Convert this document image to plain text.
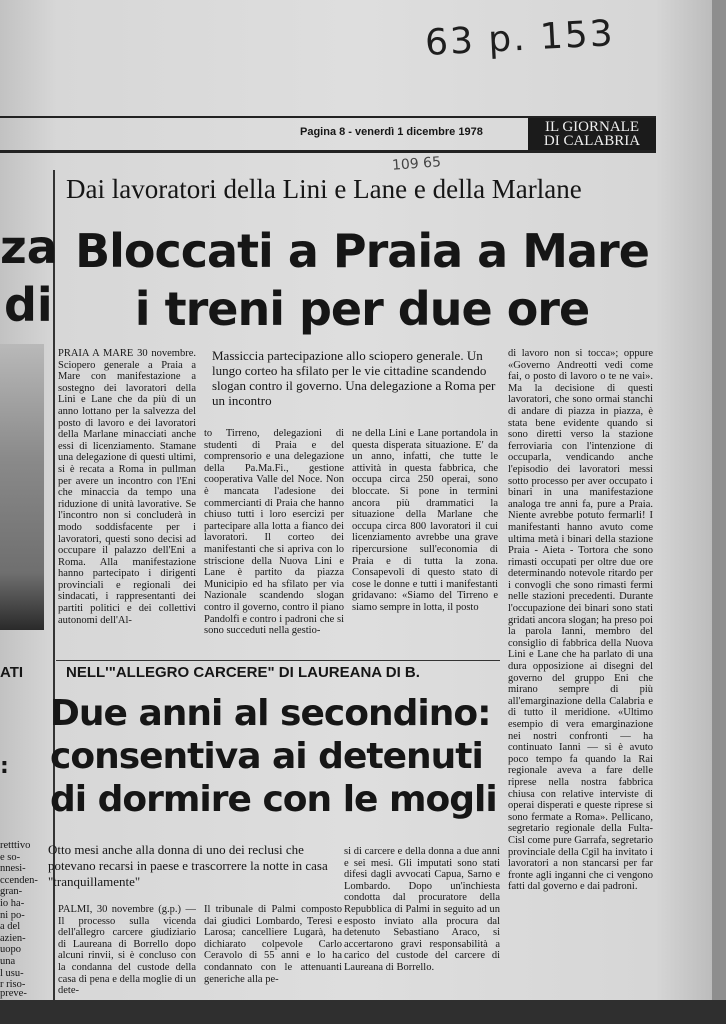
63 p. 153
Pagina 8 - venerdì 1 dicembre 1978	IL GIORNALE
DI CALABRIA
109 65
za
di
ATI
:
retttivo
e so-
nnesi-
ccenden-
gran-
io ha-
ni po-
a del
azien-
uopo
una
l usu-
r riso-
preve-
Dai lavoratori della Lini e Lane e della Marlane
Bloccati a Praia a Mare
i treni per due ore
PRAIA A MARE 30 novembre. Sciopero generale a Praia a Mare con manifestazione a sostegno dei lavoratori della Lini e Lane che da più di un anno lottano per la salvezza del posto di lavoro e dei lavoratori della Marlane minacciati anche essi di licenziamento. Stamane una delegazione di questi ultimi, si è recata a Roma in pullman per avere un incontro con l'Eni che minaccia da tempo una riduzione di unità lavorative. Se l'incontro non si concluderà in modo soddisfacente per i lavoratori, questi sono decisi ad occupare il palazzo dell'Eni a Roma. Alla manifestazione hanno partecipato i dirigenti provinciali e regionali dei sindacati, i rappresentanti dei partiti politici e dei collettivi autonomi dell'Al-
Massiccia partecipazione allo sciopero generale. Un lungo corteo ha sfilato per le vie cittadine scandendo slogan contro il governo. Una delegazione a Roma per un incontro
to Tirreno, delegazioni di studenti di Praia e del comprensorio e una delegazione della Pa.Ma.Fi., gestione cooperativa Valle del Noce. Non è mancata l'adesione dei commercianti di Praia che hanno chiuso tutti i loro esercizi per partecipare alla lotta a fianco dei lavoratori. Il corteo dei manifestanti che si apriva con lo striscione della Nuova Lini e Lane è partito da piazza Municipio ed ha sfilato per via Nazionale scandendo slogan contro il governo, contro il piano Pandolfi e contro i padroni che si sono succeduti nella gestio-
ne della Lini e Lane portandola in questa disperata situazione. E' da un anno, infatti, che tutte le attività in questa fabbrica, che occupa circa 250 operai, sono bloccate. Si pone in termini ancora più drammatici la situazione della Marlane che occupa circa 800 lavoratori il cui licenziamento avrebbe una grave ripercursione sull'economia di Praia e di tutta la zona. Consapevoli di questo stato di cose le donne e tutti i manifestanti gridavano: «Siamo del Tirreno e siamo sempre in lotta, il posto
di lavoro non si tocca»; oppure «Governo Andreotti vedi come fai, o posto di lavoro o te ne vai». Ma la decisione di questi lavoratori, che sono ormai stanchi di andare di piazza in piazza, è stata bene evidente quando si sono diretti verso la stazione ferroviaria con l'intenzione di occuparla, vendicando anche l'episodio dei lavoratori messi sotto processo per aver occupato i binari in una manifestazione analoga tre anni fa, pure a Praia. Niente avrebbe potuto fermarli! I manifestanti hanno avuto come ultima metà i binari della stazione Praia - Aieta - Tortora che sono rimasti occupati per oltre due ore determinando notevole ritardo per i convogli che sono rimasti fermi nelle stazioni precedenti. Durante l'occupazione dei binari sono stati gridati ancora slogan; ha preso poi la parola Ianni, membro del consiglio di fabbrica della Nuova Lini e Lane che ha parlato di una dura opposizione ai disegni del governo del gruppo Eni che mirano sempre di più all'emarginazione della Calabria e di tutto il meridione. «Ultimo esempio di vera emarginazione nei nostri confronti — ha continuato Ianni — si è avuto poco tempo fa quando la Rai regionale aveva a fare delle riprese nella nostra fabbrica chiusa con relative interviste di operai disperati e queste riprese si sono fermate a Roma». Pellicano, segretario regionale della Fulta-Cisl come pure Garrafa, segretario provinciale della Cgil ha invitato i lavoratori a non stancarsi per far fronte agli inganni che ci vengono fatti dal governo e dai padroni.
NELL'"ALLEGRO CARCERE" DI LAUREANA DI B.
Due anni al secondino:
consentiva ai detenuti
di dormire con le mogli
Otto mesi anche alla donna di uno dei reclusi che potevano recarsi in paese e trascorrere la notte in casa "tranquillamente"
PALMI, 30 novembre (g.p.) — Il processo sulla vicenda dell'allegro carcere giudiziario di Laureana di Borrello dopo alcuni rinvii, si è concluso con la condanna del custode della casa di pena e della moglie di un dete-
Il tribunale di Palmi composto dai giudici Lombardo, Teresi e Larosa; cancelliere Lugarà, ha dichiarato colpevole Carlo Ceravolo di 55 anni e lo ha condannato con le attenuanti generiche alla pe-
si di carcere e della donna a due anni e sei mesi. Gli imputati sono stati difesi dagli avvocati Capua, Sarno e Lombardo. Dopo un'inchiesta condotta dal procuratore della Repubblica di Palmi in seguito ad un esposto inviato alla procura dal detenuto Sebastiano Araco, si accertarono gravi responsabilità a carico del custode del carcere di Laureana di Borrello.
